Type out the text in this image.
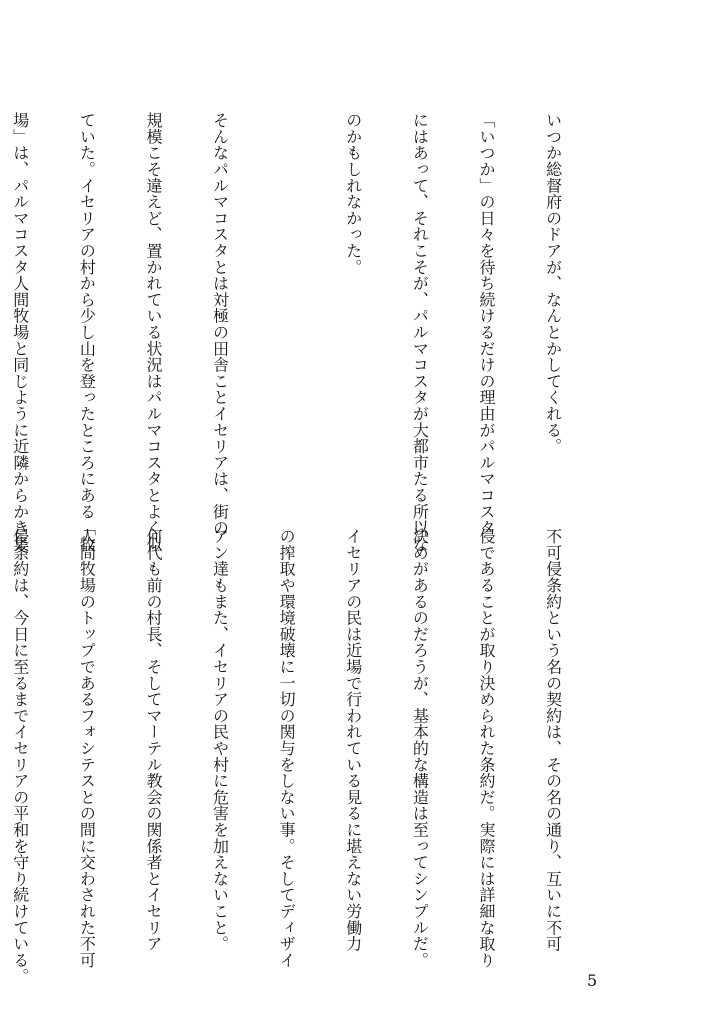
いつか総督府のドアが、なんとかしてくれる。

「いつか」の日々を待ち続けるだけの理由がパルマコスタ

にはあって、それこそが、パルマコスタが大都市たる所以な

のかもしれなかった。

そんなパルマコスタとは対極の田舎ことイセリアは、街の

規模こそ違えど、置かれている状況はパルマコスタとよく似

ていた。イセリアの村から少し山を登ったところにある「牧

場」は、パルマコスタ人間牧場と同じように近隣からかき集

不可侵条約という名の契約は、その名の通り、互いに不可

侵であることが取り決められた条約だ。実際には詳細な取り

決めがあるのだろうが、基本的な構造は至ってシンプルだ。

イセリアの民は近場で行われている見るに堪えない労働力

の搾取や環境破壊に一切の関与をしない事。そしてディザイ

アン達もまた、イセリアの民や村に危害を加えないこと。

何代も前の村長、そしてマーテル教会の関係者とイセリア

人間牧場のトップであるフォシテスとの間に交わされた不可

侵条約は、今日に至るまでイセリアの平和を守り続けている。

	5
